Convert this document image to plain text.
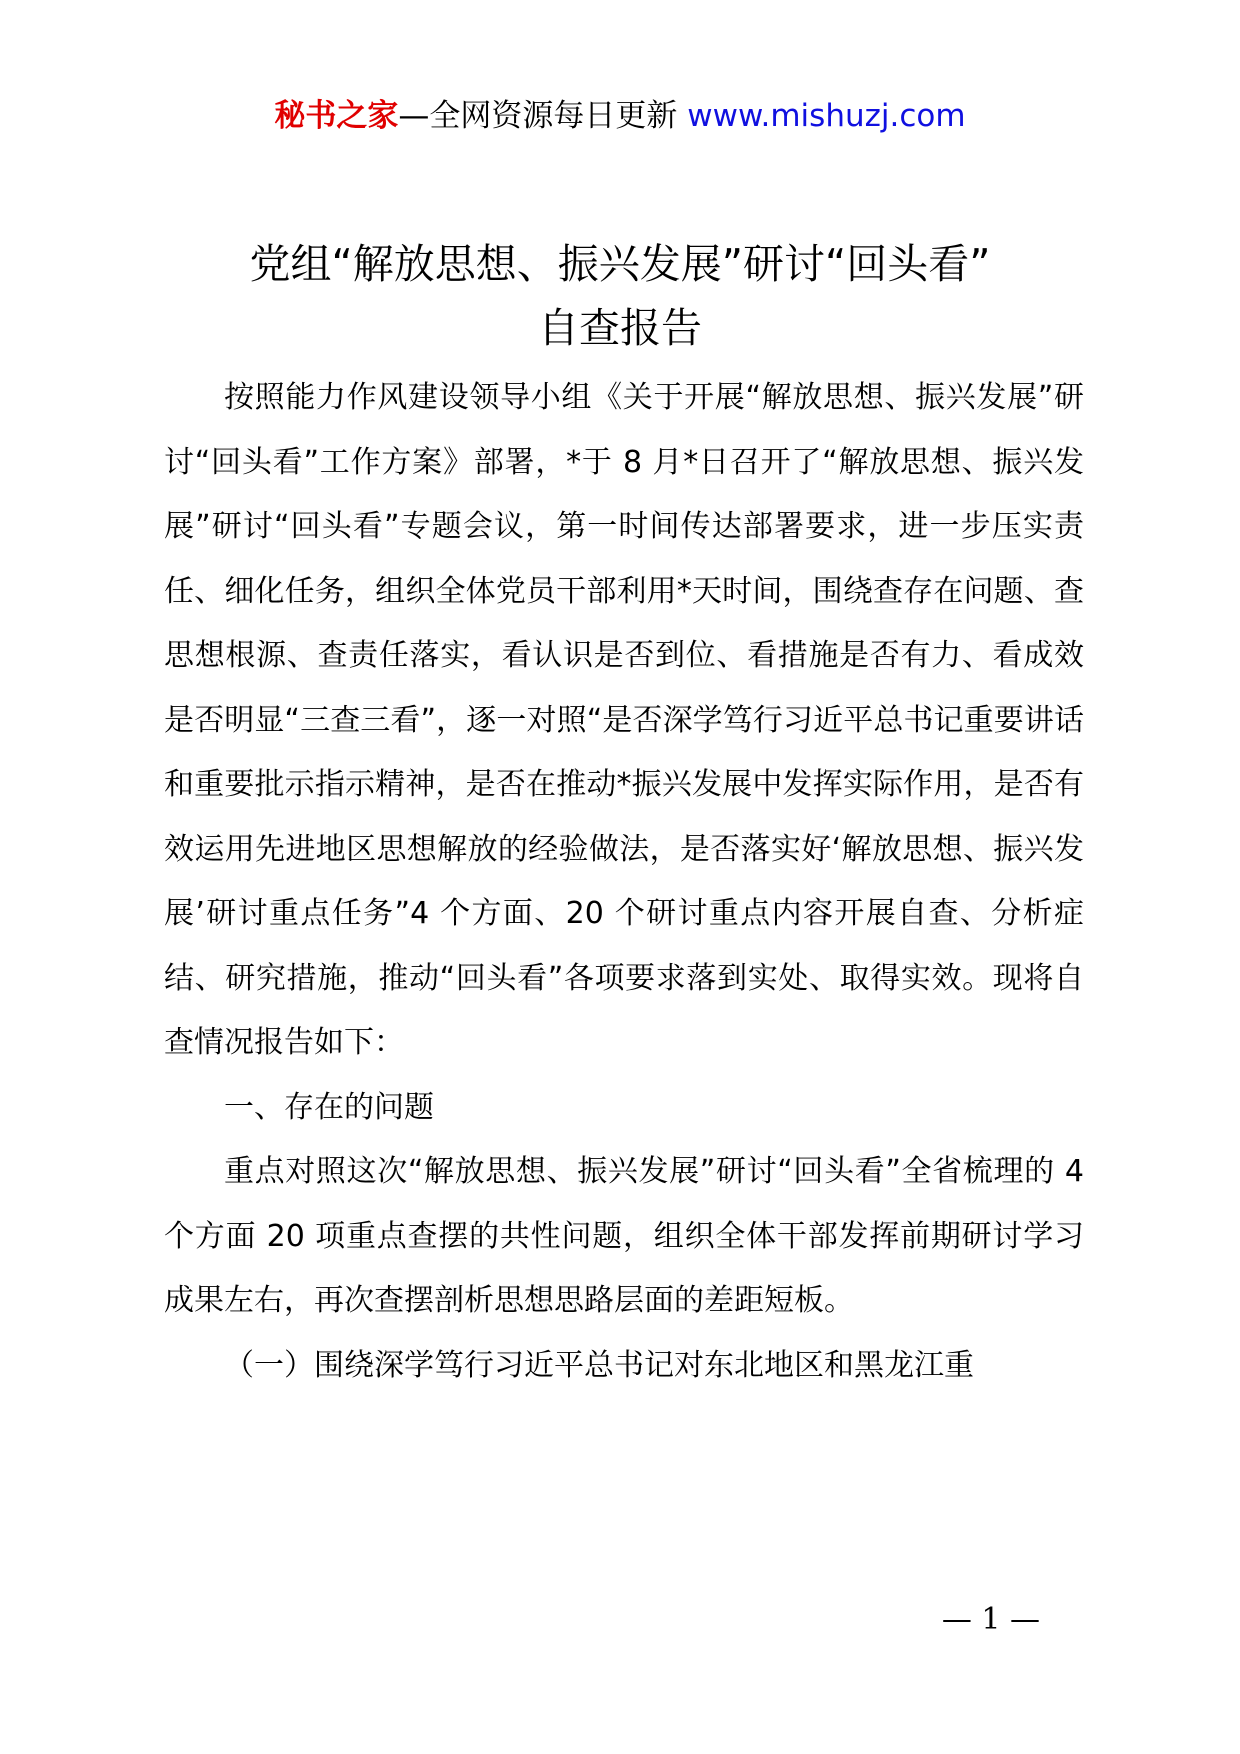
秘书之家—全网资源每日更新 www.mishuzj.com
党组“解放思想、振兴发展”研讨“回头看”
自查报告

按照能力作风建设领导小组《关于开展“解放思想、振兴发展”研讨“回头看”工作方案》部署，*于 8 月*日召开了“解放思想、振兴发展”研讨“回头看”专题会议，第一时间传达部署要求，进一步压实责任、细化任务，组织全体党员干部利用*天时间，围绕查存在问题、查思想根源、查责任落实，看认识是否到位、看措施是否有力、看成效是否明显“三查三看”，逐一对照“是否深学笃行习近平总书记重要讲话和重要批示指示精神，是否在推动*振兴发展中发挥实际作用，是否有效运用先进地区思想解放的经验做法，是否落实好‘解放思想、振兴发展’研讨重点任务”4 个方面、20 个研讨重点内容开展自查、分析症结、研究措施，推动“回头看”各项要求落到实处、取得实效。现将自查情况报告如下：

一、存在的问题

重点对照这次“解放思想、振兴发展”研讨“回头看”全省梳理的 4 个方面 20 项重点查摆的共性问题，组织全体干部发挥前期研讨学习成果左右，再次查摆剖析思想思路层面的差距短板。

（一）围绕深学笃行习近平总书记对东北地区和黑龙江重

— 1 —
